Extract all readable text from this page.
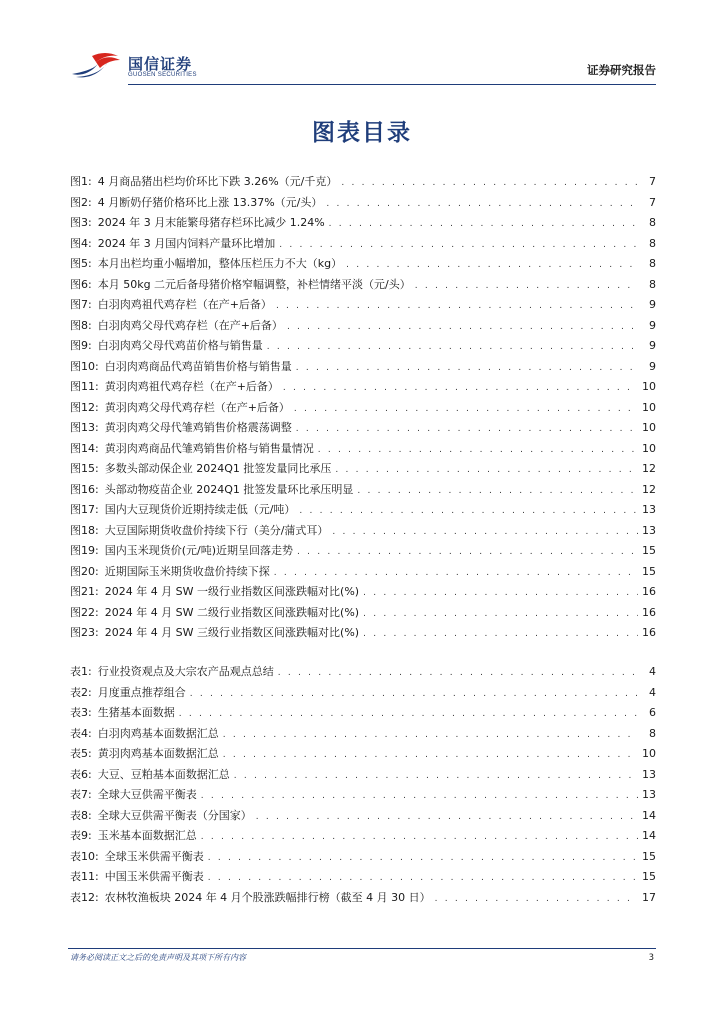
国信证券
GUOSEN SECURITIES	证券研究报告
图表目录
图1: 4 月商品猪出栏均价环比下跌 3.26%（元/千克） . . .	7
图2: 4 月断奶仔猪价格环比上涨 13.37%（元/头） . . .	7
图3: 2024 年 3 月末能繁母猪存栏环比减少 1.24% . . .	8
图4: 2024 年 3 月国内饲料产量环比增加 . . .	8
图5: 本月出栏均重小幅增加，整体压栏压力不大（kg） . . .	8
图6: 本月 50kg 二元后备母猪价格窄幅调整，补栏情绪平淡（元/头） . . .	8
图7: 白羽肉鸡祖代鸡存栏（在产+后备） . . .	9
图8: 白羽肉鸡父母代鸡存栏（在产+后备） . . .	9
图9: 白羽肉鸡父母代鸡苗价格与销售量 . . .	9
图10: 白羽肉鸡商品代鸡苗销售价格与销售量 . . .	9
图11: 黄羽肉鸡祖代鸡存栏（在产+后备） . . .	10
图12: 黄羽肉鸡父母代鸡存栏（在产+后备） . . .	10
图13: 黄羽肉鸡父母代雏鸡销售价格震荡调整 . . .	10
图14: 黄羽肉鸡商品代雏鸡销售价格与销售量情况 . . .	10
图15: 多数头部动保企业 2024Q1 批签发量同比承压 . . .	12
图16: 头部动物疫苗企业 2024Q1 批签发量环比承压明显 . . .	12
图17: 国内大豆现货价近期持续走低（元/吨） . . .	13
图18: 大豆国际期货收盘价持续下行（美分/蒲式耳） . . .	13
图19: 国内玉米现货价(元/吨)近期呈回落走势 . . .	15
图20: 近期国际玉米期货收盘价持续下探 . . .	15
图21: 2024 年 4 月 SW 一级行业指数区间涨跌幅对比(%) . . .	16
图22: 2024 年 4 月 SW 二级行业指数区间涨跌幅对比(%) . . .	16
图23: 2024 年 4 月 SW 三级行业指数区间涨跌幅对比(%) . . .	16
表1: 行业投资观点及大宗农产品观点总结 . . .	4
表2: 月度重点推荐组合 . . .	4
表3: 生猪基本面数据 . . .	6
表4: 白羽肉鸡基本面数据汇总 . . .	8
表5: 黄羽肉鸡基本面数据汇总 . . .	10
表6: 大豆、豆粕基本面数据汇总 . . .	13
表7: 全球大豆供需平衡表 . . .	13
表8: 全球大豆供需平衡表（分国家） . . .	14
表9: 玉米基本面数据汇总 . . .	14
表10: 全球玉米供需平衡表 . . .	15
表11: 中国玉米供需平衡表 . . .	15
表12: 农林牧渔板块 2024 年 4 月个股涨跌幅排行榜（截至 4 月 30 日） . . .	17
请务必阅读正文之后的免责声明及其项下所有内容	3
